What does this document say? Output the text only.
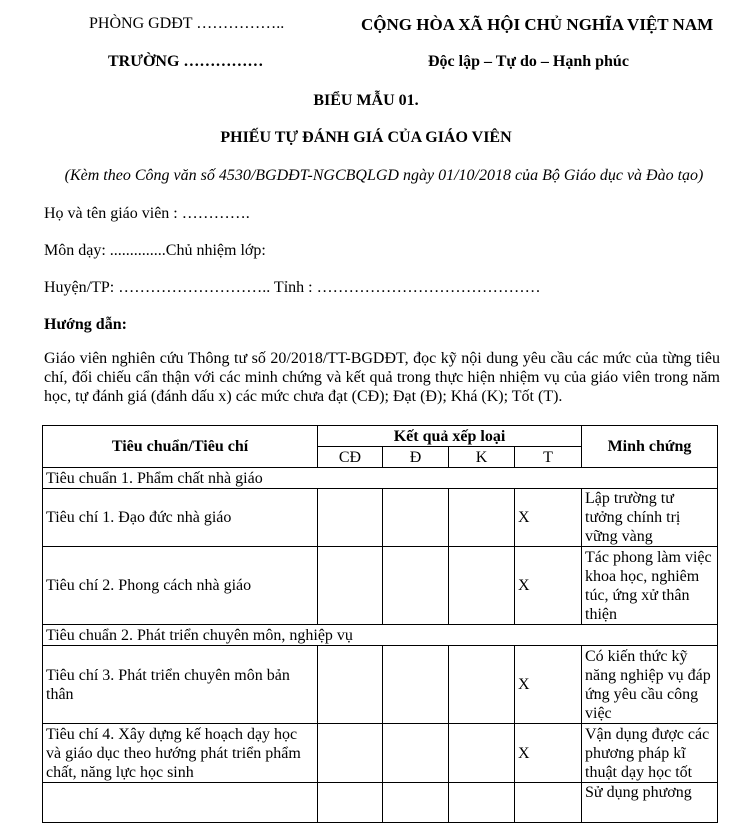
PHÒNG GDĐT ……………..	CỘNG HÒA XÃ HỘI CHỦ NGHĨA VIỆT NAM
TRƯỜNG ……………	Độc lập – Tự do – Hạnh phúc
BIỂU MẪU 01.
PHIẾU TỰ ĐÁNH GIÁ CỦA GIÁO VIÊN
(Kèm theo Công văn số 4530/BGDĐT-NGCBQLGD ngày 01/10/2018 của Bộ Giáo dục và Đào tạo)
Họ và tên giáo viên : ………….
Môn dạy: ..............Chủ nhiệm lớp:
Huyện/TP: ……………………….. Tỉnh : ……………………………………
Hướng dẫn:
Giáo viên nghiên cứu Thông tư số 20/2018/TT-BGDĐT, đọc kỹ nội dung yêu cầu các mức của từng tiêu chí, đối chiếu cẩn thận với các minh chứng và kết quả trong thực hiện nhiệm vụ của giáo viên trong năm học, tự đánh giá (đánh dấu x) các mức chưa đạt (CĐ); Đạt (Đ); Khá (K); Tốt (T).
Tiêu chuẩn/Tiêu chí	Kết quả xếp loại				Minh chứng
	CĐ	Đ	K	T	
Tiêu chuẩn 1. Phẩm chất nhà giáo					
Tiêu chí 1. Đạo đức nhà giáo				X	Lập trường tư tưởng chính trị vững vàng
Tiêu chí 2. Phong cách nhà giáo				X	Tác phong làm việc khoa học, nghiêm túc, ứng xử thân thiện
Tiêu chuẩn 2. Phát triển chuyên môn, nghiệp vụ					
Tiêu chí 3. Phát triển chuyên môn bản thân				X	Có kiến thức kỹ năng nghiệp vụ đáp ứng yêu cầu công việc
Tiêu chí 4. Xây dựng kế hoạch dạy học và giáo dục theo hướng phát triển phẩm chất, năng lực học sinh				X	Vận dụng được các phương pháp kĩ thuật dạy học tốt
					Sử dụng phương
